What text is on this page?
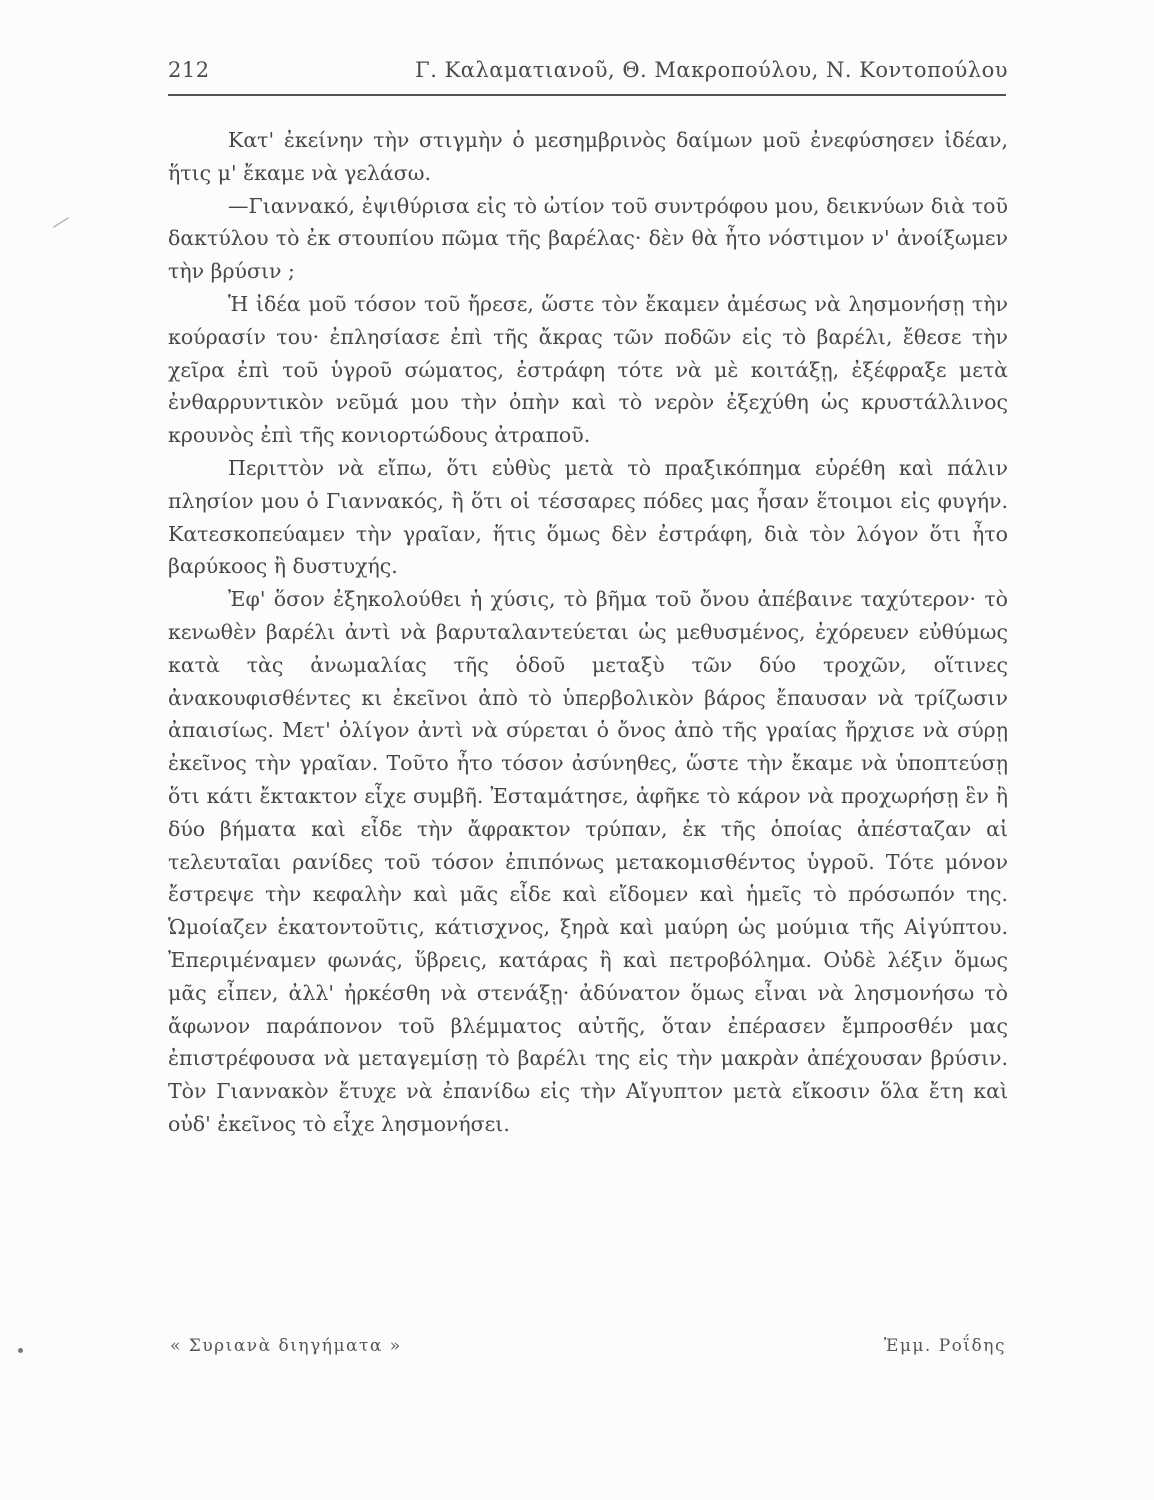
212	Γ. Καλαματιανοῦ, Θ. Μακροπούλου, Ν. Κοντοπούλου

Κατ' ἐκείνην τὴν στιγμὴν ὁ μεσημβρινὸς δαίμων μοῦ ἐνεφύσησεν ἰδέαν, ἥτις μ' ἔκαμε νὰ γελάσω.

—Γιαννακό, ἐψιθύρισα εἰς τὸ ὠτίον τοῦ συντρόφου μου, δεικνύων διὰ τοῦ δακτύλου τὸ ἐκ στουπίου πῶμα τῆς βαρέλας· δὲν θὰ ἦτο νόστιμον ν' ἀνοίξωμεν τὴν βρύσιν ;

Ἡ ἰδέα μοῦ τόσον τοῦ ἤρεσε, ὥστε τὸν ἔκαμεν ἀμέσως νὰ λησμονήσῃ τὴν κούρασίν του· ἐπλησίασε ἐπὶ τῆς ἄκρας τῶν ποδῶν εἰς τὸ βαρέλι, ἔθεσε τὴν χεῖρα ἐπὶ τοῦ ὑγροῦ σώματος, ἐστράφη τότε νὰ μὲ κοιτάξῃ, ἐξέφραξε μετὰ ἐνθαρρυντικὸν νεῦμά μου τὴν ὀπὴν καὶ τὸ νερὸν ἐξεχύθη ὡς κρυστάλλινος κρουνὸς ἐπὶ τῆς κονιορτώδους ἀτραποῦ.

Περιττὸν νὰ εἴπω, ὅτι εὐθὺς μετὰ τὸ πραξικόπημα εὑρέθη καὶ πάλιν πλησίον μου ὁ Γιαννακός, ἢ ὅτι οἱ τέσσαρες πόδες μας ἦσαν ἕτοιμοι εἰς φυγήν. Κατεσκοπεύαμεν τὴν γραῖαν, ἥτις ὅμως δὲν ἐστράφη, διὰ τὸν λόγον ὅτι ἦτο βαρύκοος ἢ δυστυχής.

Ἐφ' ὅσον ἐξηκολούθει ἡ χύσις, τὸ βῆμα τοῦ ὄνου ἀπέβαινε ταχύτερον· τὸ κενωθὲν βαρέλι ἀντὶ νὰ βαρυταλαντεύεται ὡς μεθυσμένος, ἐχόρευεν εὐθύμως κατὰ τὰς ἀνωμαλίας τῆς ὁδοῦ μεταξὺ τῶν δύο τροχῶν, οἵτινες ἀνακουφισθέντες κι ἐκεῖνοι ἀπὸ τὸ ὑπερβολικὸν βάρος ἔπαυσαν νὰ τρίζωσιν ἀπαισίως. Μετ' ὀλίγον ἀντὶ νὰ σύρεται ὁ ὄνος ἀπὸ τῆς γραίας ἤρχισε νὰ σύρῃ ἐκεῖνος τὴν γραῖαν. Τοῦτο ἦτο τόσον ἀσύνηθες, ὥστε τὴν ἔκαμε νὰ ὑποπτεύσῃ ὅτι κάτι ἔκτακτον εἶχε συμβῆ. Ἐσταμάτησε, ἀφῆκε τὸ κάρον νὰ προχωρήσῃ ἓν ἢ δύο βήματα καὶ εἶδε τὴν ἄφρακτον τρύπαν, ἐκ τῆς ὁποίας ἀπέσταζαν αἱ τελευταῖαι ρανίδες τοῦ τόσον ἐπιπόνως μετακομισθέντος ὑγροῦ. Τότε μόνον ἔστρεψε τὴν κεφαλὴν καὶ μᾶς εἶδε καὶ εἴδομεν καὶ ἡμεῖς τὸ πρόσωπόν της. Ὡμοίαζεν ἑκατοντοῦτις, κάτισχνος, ξηρὰ καὶ μαύρη ὡς μούμια τῆς Αἰγύπτου. Ἐπεριμέναμεν φωνάς, ὕβρεις, κατάρας ἢ καὶ πετροβόλημα. Οὐδὲ λέξιν ὅμως μᾶς εἶπεν, ἀλλ' ἠρκέσθη νὰ στενάξῃ· ἀδύνατον ὅμως εἶναι νὰ λησμονήσω τὸ ἄφωνον παράπονον τοῦ βλέμματος αὐτῆς, ὅταν ἐπέρασεν ἔμπροσθέν μας ἐπιστρέφουσα νὰ μεταγεμίσῃ τὸ βαρέλι της εἰς τὴν μακρὰν ἀπέχουσαν βρύσιν. Τὸν Γιαννακὸν ἔτυχε νὰ ἐπανίδω εἰς τὴν Αἴγυπτον μετὰ εἴκοσιν ὅλα ἔτη καὶ οὐδ' ἐκεῖνος τὸ εἶχε λησμονήσει.

« Συριανὰ διηγήματα »	Ἐμμ. Ροΐδης
